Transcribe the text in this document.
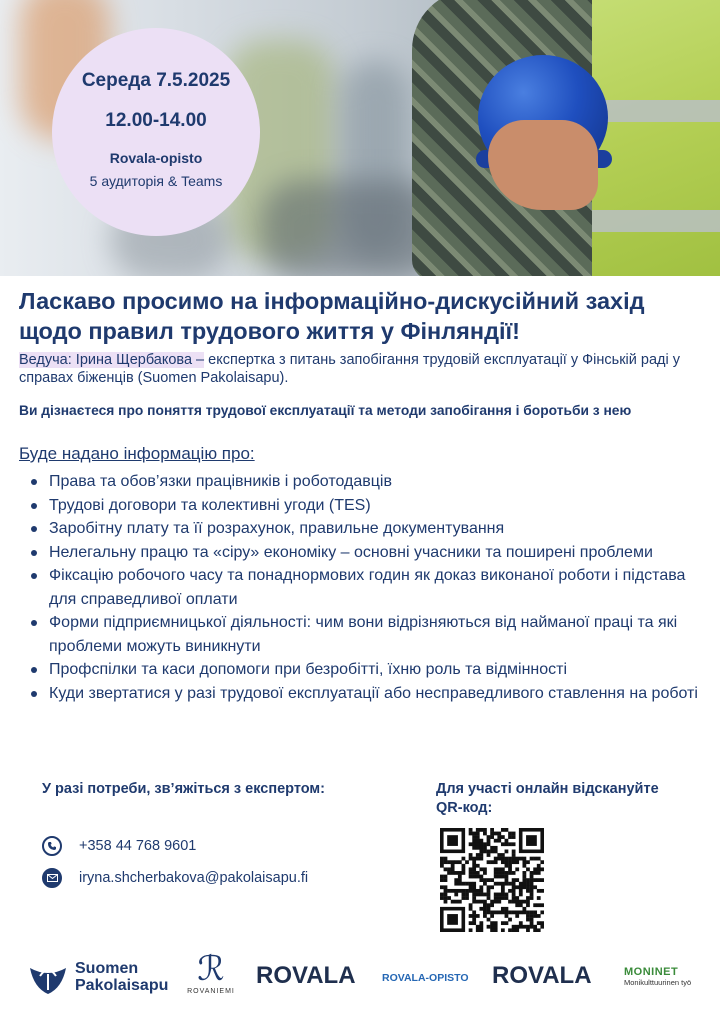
Середа 7.5.2025
12.00-14.00
Rovala-opisto
5 аудиторія & Teams
Ласкаво просимо на інформаційно-дискусійний захід щодо правил трудового життя у Фінляндії!
Ведуча: Ірина Щербакова – експертка з питань запобігання трудовій експлуатації у Фінській раді у справах біженців (Suomen Pakolaisapu).
Ви дізнаєтеся про поняття трудової експлуатації та методи запобігання і боротьби з нею
Буде надано інформацію про:
Права та обов’язки працівників і роботодавців
Трудові договори та колективні угоди (TES)
Заробітну плату та її розрахунок, правильне документування
Нелегальну працю та «сіру» економіку – основні учасники та поширені проблеми
Фіксацію робочого часу та понаднормових годин як доказ виконаної роботи і підстава для справедливої оплати
Форми підприємницької діяльності: чим вони відрізняються від найманої праці та які проблеми можуть виникнути
Профспілки та каси допомоги при безробітті, їхню роль та відмінності
Куди звертатися у разі трудової експлуатації або несправедливого ставлення на роботі
У разі потреби, зв’яжіться з експертом:
+358 44 768 9601
iryna.shcherbakova@pakolaisapu.fi
Для участі онлайн відскануйте QR-код:
Suomen
Pakolaisapu ℛ
ROVANIEMI
ROVALA	ROVALA-OPISTO ROVALA	MONINET
Monikulttuurinen työ
